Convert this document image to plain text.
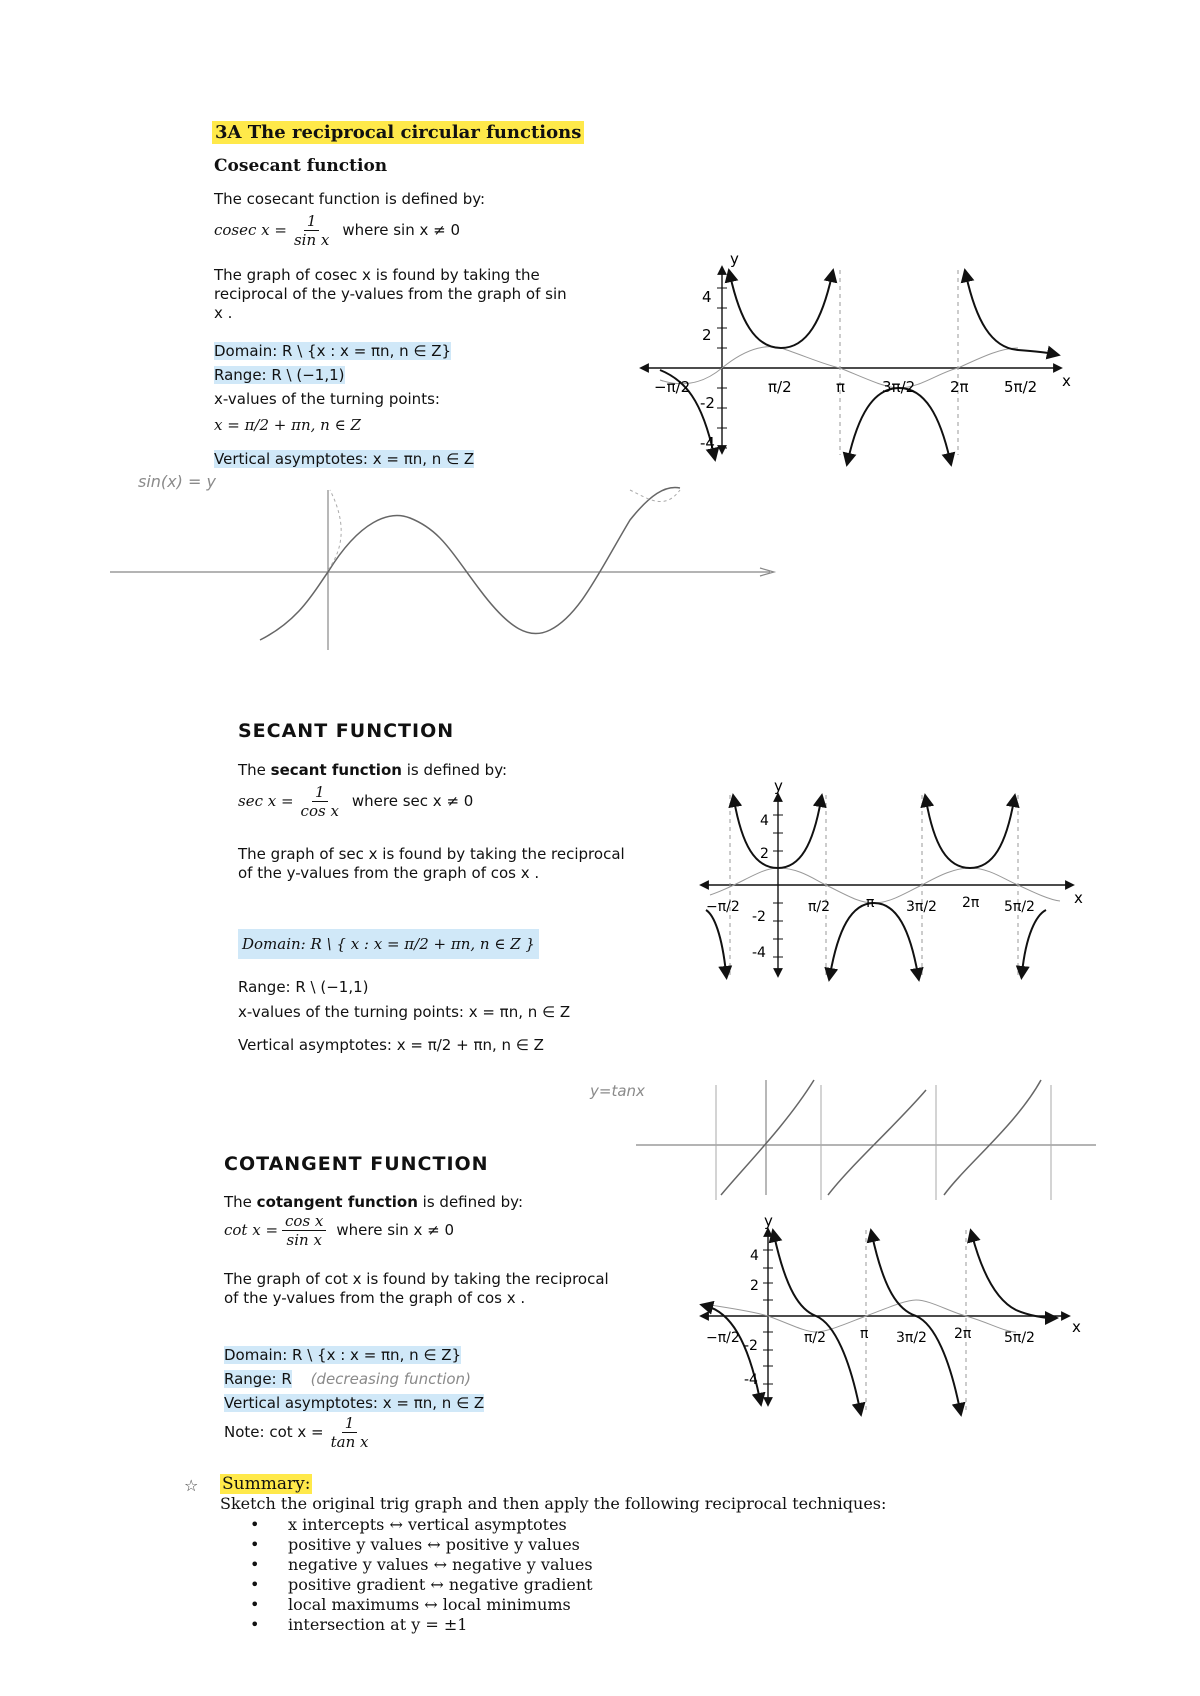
3A The reciprocal circular functions
Cosecant function
The cosecant function is defined by:
cosec $x = \frac{1}{\text{sin x}}$ where sin x ≠ 0
The graph of cosec x is found by taking the reciprocal of the y-values from the graph of sin x .
Domain: R \ {x : x = πn, n ∈ Z}
Range: R \ (−1,1)
x-values of the turning points:
x = π/2 + πn, n ∈ Z
Vertical asymptotes: x = πn, n ∈ Z
sin(x) = y
y
x
4
2
-2
-4
−π/2	π/2	π 3π/2 2π 5π/2
SECANT FUNCTION
The secant function is defined by:
$\sec x = \frac{1}{\text{cos x}}$ where sec x ≠ 0
The graph of sec x is found by taking the reciprocal of the y-values from the graph of cos x .
Domain: R \ { x : x = π/2 + πn, n ∈ Z }
Range: R \ (−1,1)
x-values of the turning points: x = πn, n ∈ Z
Vertical asymptotes: x = π/2 + πn, n ∈ Z
y
x
4
2
-2
-4
−π/2	π/2	π 3π/2 2π 5π/2
y=tanx
COTANGENT FUNCTION
The cotangent function is defined by:
$\cot x = \frac{\text{cos x}}{\text{sin x}}$ where sin x ≠ 0
The graph of cot x is found by taking the reciprocal of the y-values from the graph of cos x .
Domain: R \ {x : x = πn, n ∈ Z}
Range: R (decreasing function)
Vertical asymptotes: x = πn, n ∈ Z
Note: $\cot x = \frac{1}{\text{tan x}}$
y
x
4
2
-2
-4
−π/2	π/2 π 3π/2 2π 5π/2
☆ Summary:
Sketch the original trig graph and then apply the following reciprocal techniques:
• x intercepts ↔ vertical asymptotes
• positive y values ↔ positive y values
• negative y values ↔ negative y values
• positive gradient ↔ negative gradient
• local maximums ↔ local minimums
• intersection at y = ±1
